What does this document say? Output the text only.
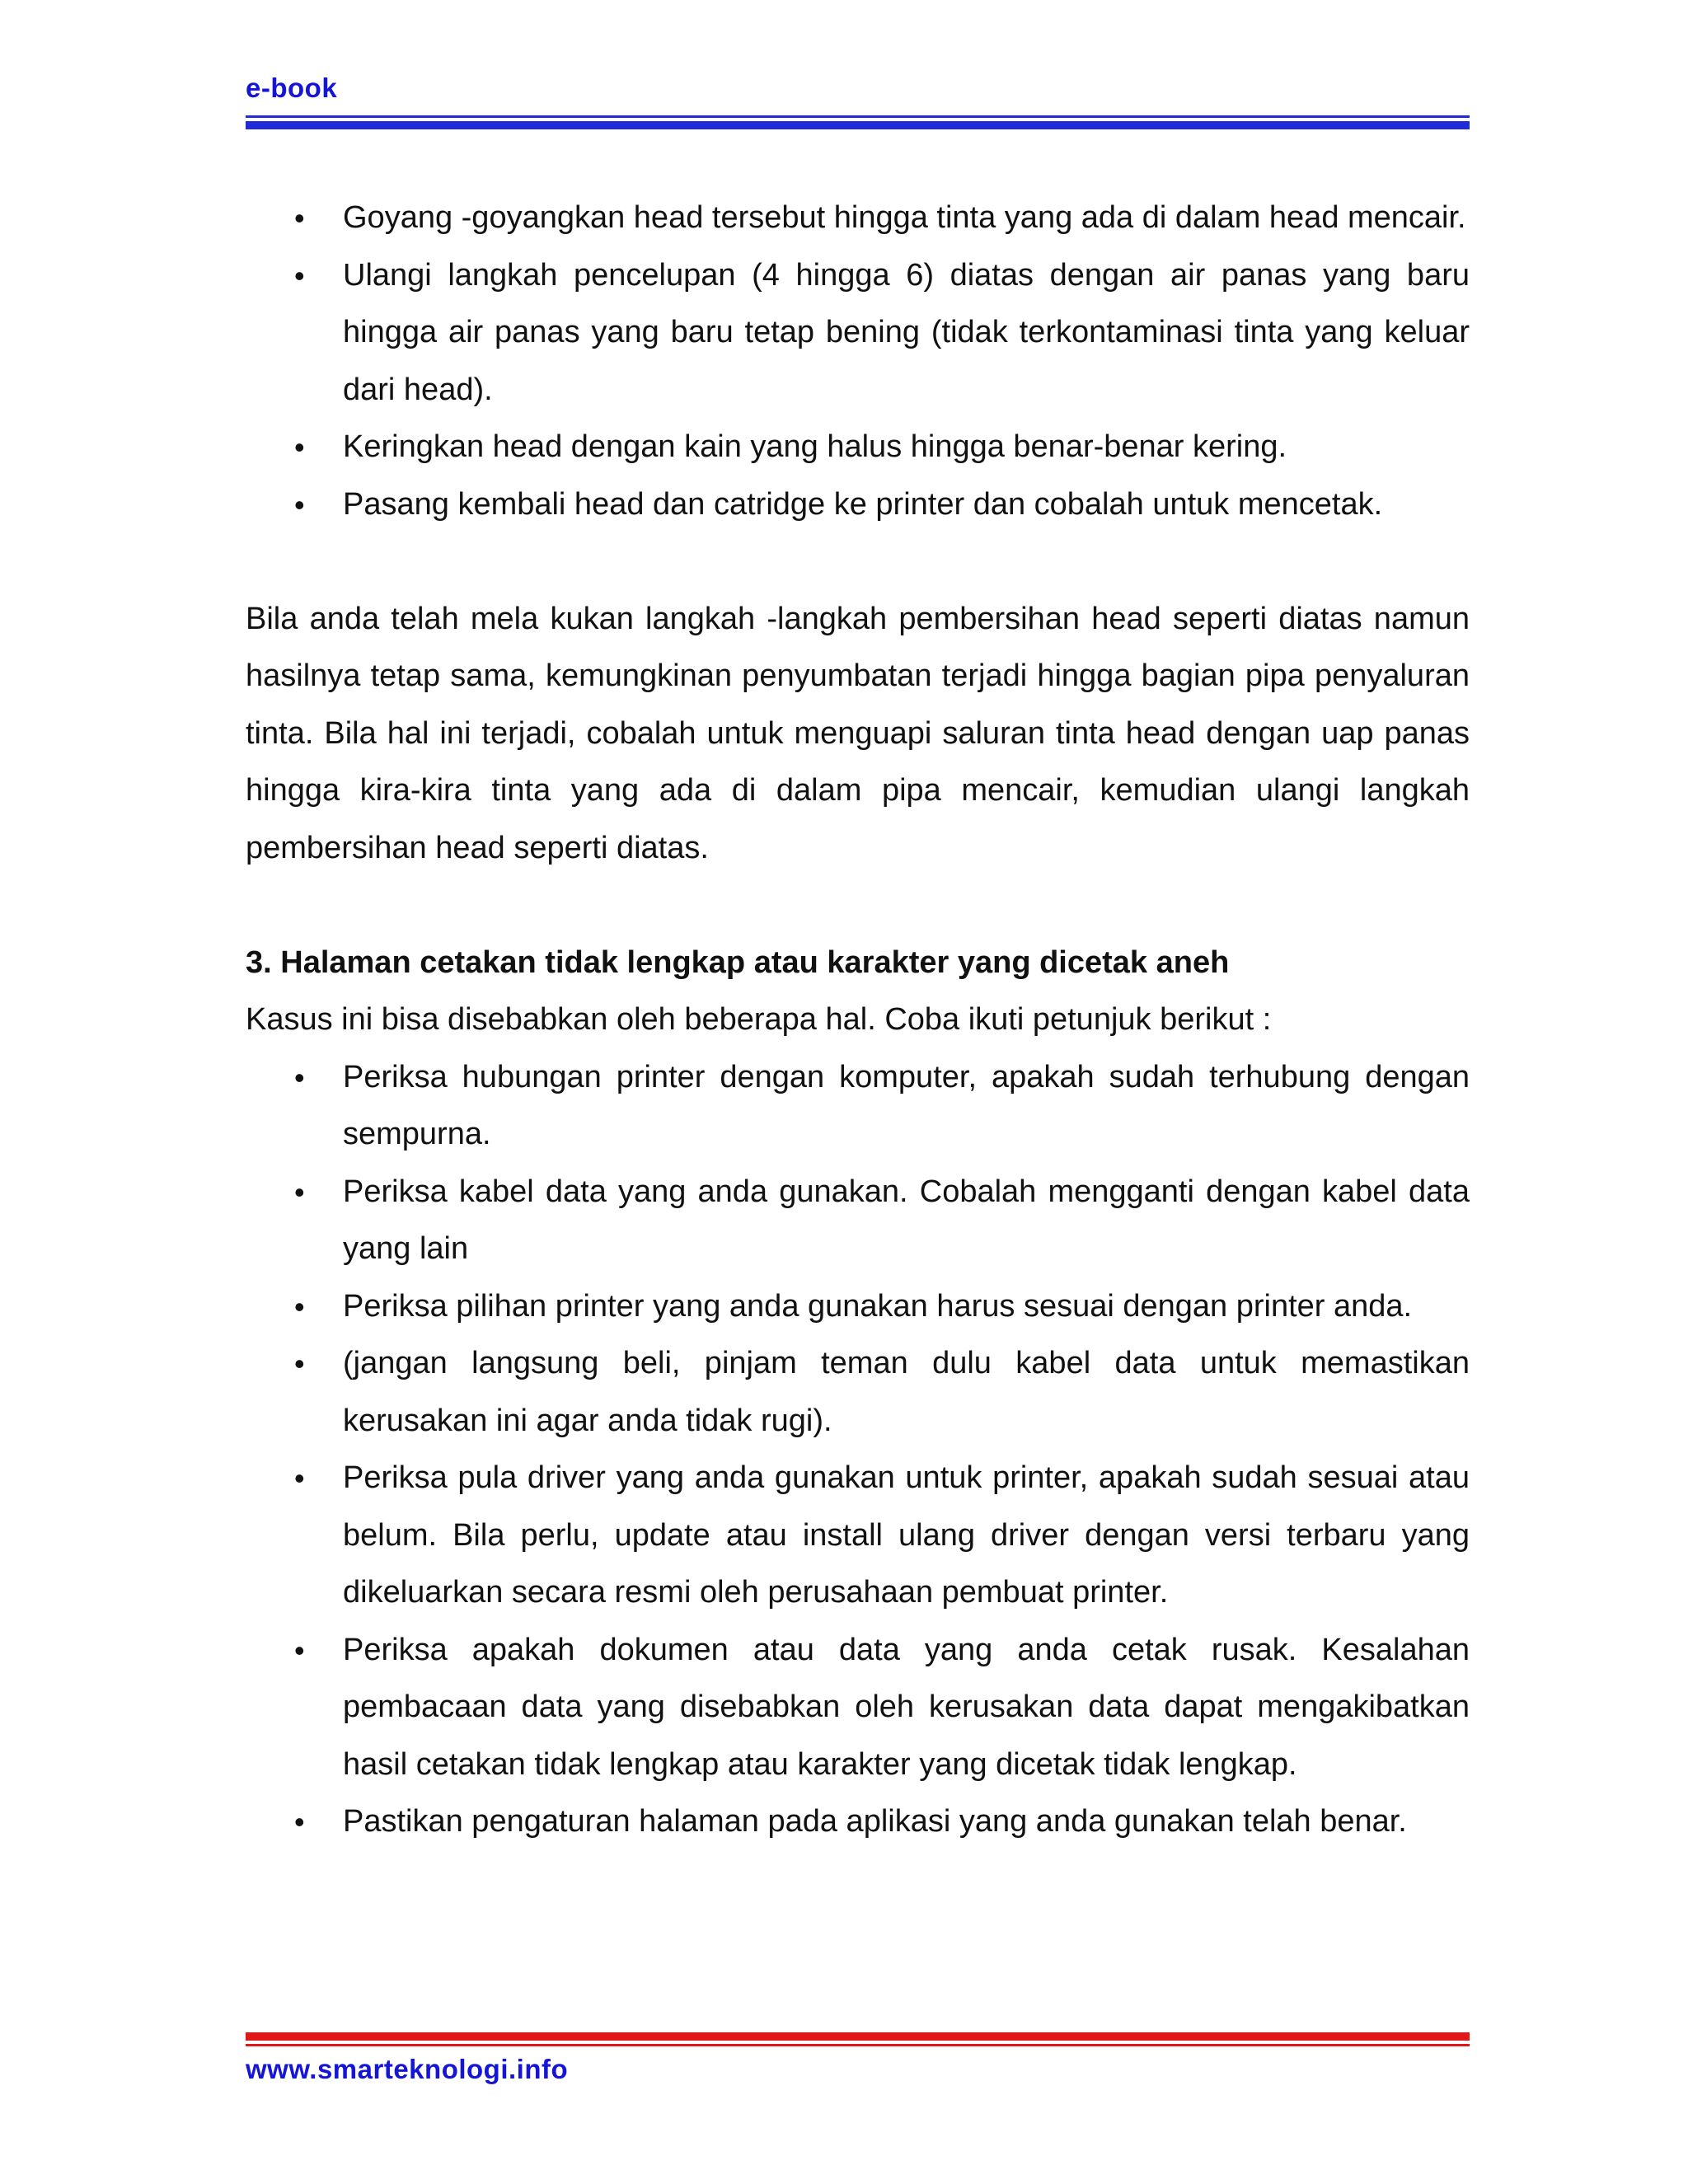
e-book
• Goyang -goyangkan head tersebut hingga tinta yang ada di dalam head mencair.
• Ulangi langkah pencelupan (4 hingga 6) diatas dengan air panas yang baru hingga air panas yang baru tetap bening (tidak terkontaminasi tinta yang keluar dari head).
• Keringkan head dengan kain yang halus hingga benar-benar kering.
• Pasang kembali head dan catridge ke printer dan cobalah untuk mencetak.

Bila anda telah mela kukan langkah -langkah pembersihan head seperti diatas namun hasilnya tetap sama, kemungkinan penyumbatan terjadi hingga bagian pipa penyaluran tinta. Bila hal ini terjadi, cobalah untuk menguapi saluran tinta head dengan uap panas hingga kira-kira tinta yang ada di dalam pipa mencair, kemudian ulangi langkah pembersihan head seperti diatas.

3. Halaman cetakan tidak lengkap atau karakter yang dicetak aneh

Kasus ini bisa disebabkan oleh beberapa hal. Coba ikuti petunjuk berikut :

• Periksa hubungan printer dengan komputer, apakah sudah terhubung dengan sempurna.
• Periksa kabel data yang anda gunakan. Cobalah mengganti dengan kabel data yang lain
• Periksa pilihan printer yang anda gunakan harus sesuai dengan printer anda.
• (jangan langsung beli, pinjam teman dulu kabel data untuk memastikan kerusakan ini agar anda tidak rugi).
• Periksa pula driver yang anda gunakan untuk printer, apakah sudah sesuai atau belum. Bila perlu, update atau install ulang driver dengan versi terbaru yang dikeluarkan secara resmi oleh perusahaan pembuat printer.
• Periksa apakah dokumen atau data yang anda cetak rusak. Kesalahan pembacaan data yang disebabkan oleh kerusakan data dapat mengakibatkan hasil cetakan tidak lengkap atau karakter yang dicetak tidak lengkap.
• Pastikan pengaturan halaman pada aplikasi yang anda gunakan telah benar.
www.smarteknologi.info
